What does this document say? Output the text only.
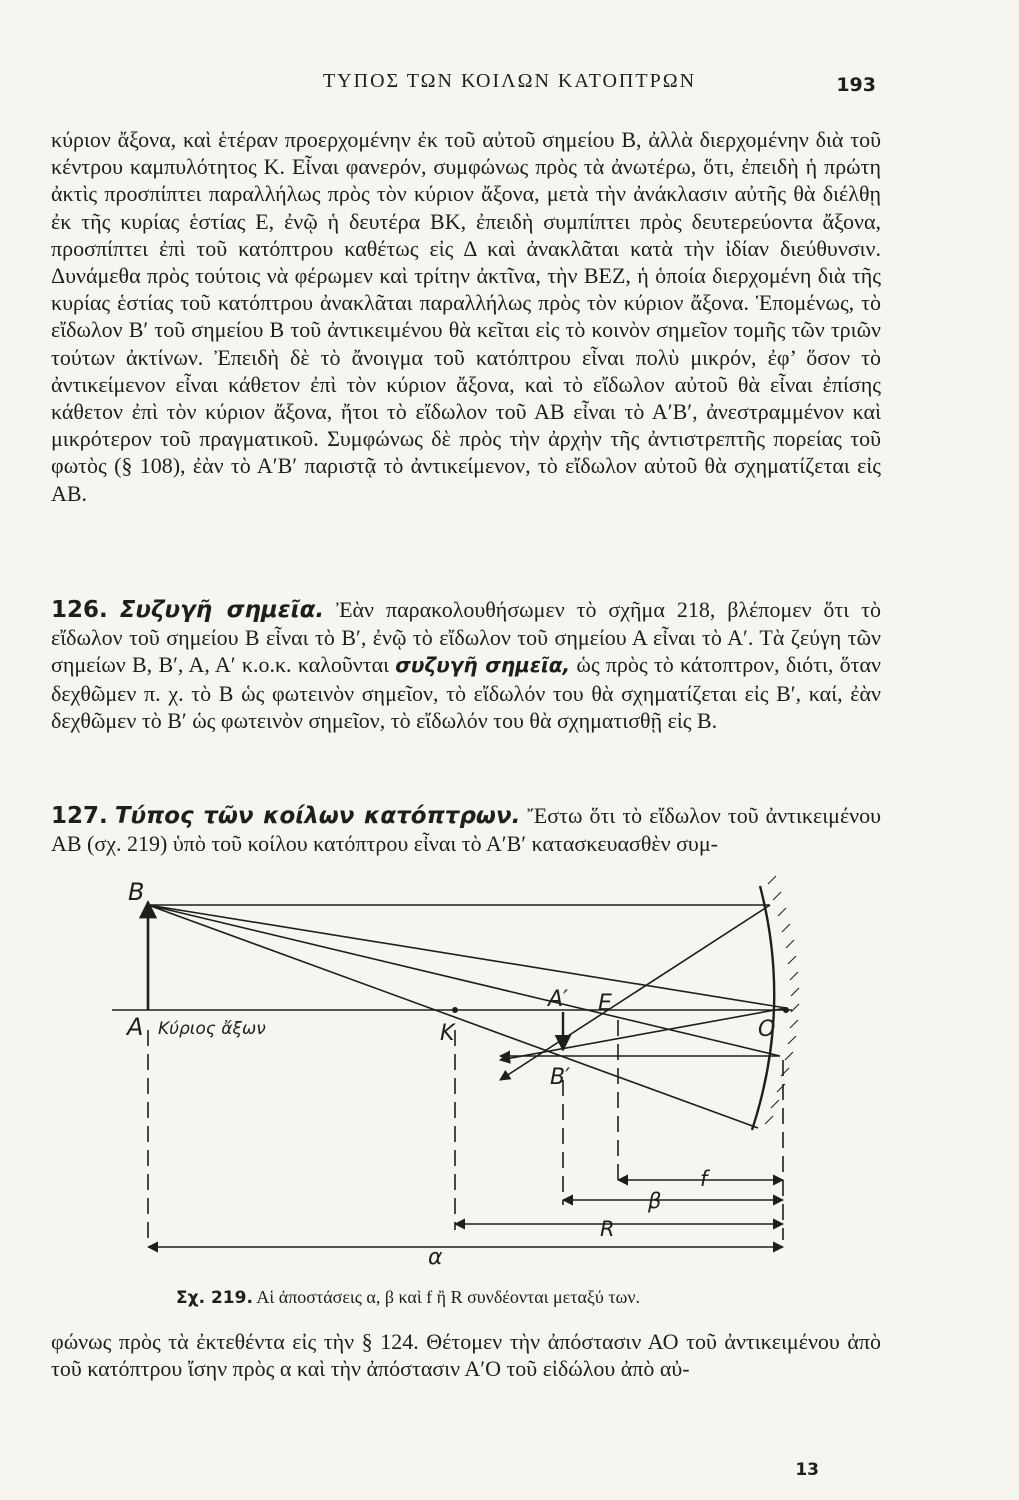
ΤΥΠΟΣ ΤΩΝ ΚΟΙΛΩΝ ΚΑΤΟΠΤΡΩΝ	193
κύριον ἄξονα, καὶ ἑτέραν προερχομένην ἐκ τοῦ αὐτοῦ σημείου Β, ἀλλὰ διερχομένην διὰ τοῦ κέντρου καμπυλότητος Κ. Εἶναι φανερόν, συμφώνως πρὸς τὰ ἀνωτέρω, ὅτι, ἐπειδὴ ἡ πρώτη ἀκτὶς προσπίπτει παραλλήλως πρὸς τὸν κύριον ἄξονα, μετὰ τὴν ἀνάκλασιν αὐτῆς θὰ διέλθῃ ἐκ τῆς κυρίας ἑστίας Ε, ἐνῷ ἡ δευτέρα ΒΚ, ἐπειδὴ συμπίπτει πρὸς δευτερεύοντα ἄξονα, προσπίπτει ἐπὶ τοῦ κατόπτρου καθέτως εἰς Δ καὶ ἀνακλᾶται κατὰ τὴν ἰδίαν διεύθυνσιν. Δυνάμεθα πρὸς τούτοις νὰ φέρωμεν καὶ τρίτην ἀκτῖνα, τὴν ΒΕΖ, ἡ ὁποία διερχομένη διὰ τῆς κυρίας ἑστίας τοῦ κατόπτρου ἀνακλᾶται παραλλήλως πρὸς τὸν κύριον ἄξονα. Ἑπομένως, τὸ εἴδωλον Β′ τοῦ σημείου Β τοῦ ἀντικειμένου θὰ κεῖται εἰς τὸ κοινὸν σημεῖον τομῆς τῶν τριῶν τούτων ἀκτίνων. Ἐπειδὴ δὲ τὸ ἄνοιγμα τοῦ κατόπτρου εἶναι πολὺ μικρόν, ἐφ’ ὅσον τὸ ἀντικείμενον εἶναι κάθετον ἐπὶ τὸν κύριον ἄξονα, καὶ τὸ εἴδωλον αὐτοῦ θὰ εἶναι ἐπίσης κάθετον ἐπὶ τὸν κύριον ἄξονα, ἤτοι τὸ εἴδωλον τοῦ ΑΒ εἶναι τὸ Α′Β′, ἀνεστραμμένον καὶ μικρότερον τοῦ πραγματικοῦ. Συμφώνως δὲ πρὸς τὴν ἀρχὴν τῆς ἀντιστρεπτῆς πορείας τοῦ φωτὸς (§ 108), ἐὰν τὸ Α′Β′ παριστᾷ τὸ ἀντικείμενον, τὸ εἴδωλον αὐτοῦ θὰ σχηματίζεται εἰς ΑΒ.
126. Συζυγῆ σημεῖα. Ἐὰν παρακολουθήσωμεν τὸ σχῆμα 218, βλέπομεν ὅτι τὸ εἴδωλον τοῦ σημείου Β εἶναι τὸ Β′, ἐνῷ τὸ εἴδωλον τοῦ σημείου Α εἶναι τὸ Α′. Τὰ ζεύγη τῶν σημείων Β, Β′, Α, Α′ κ.ο.κ. καλοῦνται συζυγῆ σημεῖα, ὡς πρὸς τὸ κάτοπτρον, διότι, ὅταν δεχθῶμεν π. χ. τὸ Β ὡς φωτεινὸν σημεῖον, τὸ εἴδωλόν του θὰ σχηματίζεται εἰς Β′, καί, ἐὰν δεχθῶμεν τὸ Β′ ὡς φωτεινὸν σημεῖον, τὸ εἴδωλόν του θὰ σχηματισθῇ εἰς Β.
127. Τύπος τῶν κοίλων κατόπτρων. Ἔστω ὅτι τὸ εἴδωλον τοῦ ἀντικειμένου ΑΒ (σχ. 219) ὑπὸ τοῦ κοίλου κατόπτρου εἶναι τὸ Α′Β′ κατασκευασθὲν συμ-
B
A Κύριος ἄξων	K
A′ E
B′
O
f
β
R
α
Σχ. 219. Αἱ ἀποστάσεις α, β καὶ f ἢ R συνδέονται μεταξύ των.
φώνως πρὸς τὰ ἐκτεθέντα εἰς τὴν § 124. Θέτομεν τὴν ἀπόστασιν ΑΟ τοῦ ἀντικειμένου ἀπὸ τοῦ κατόπτρου ἴσην πρὸς α καὶ τὴν ἀπόστασιν Α′Ο τοῦ εἰδώλου ἀπὸ αὐ-
13
